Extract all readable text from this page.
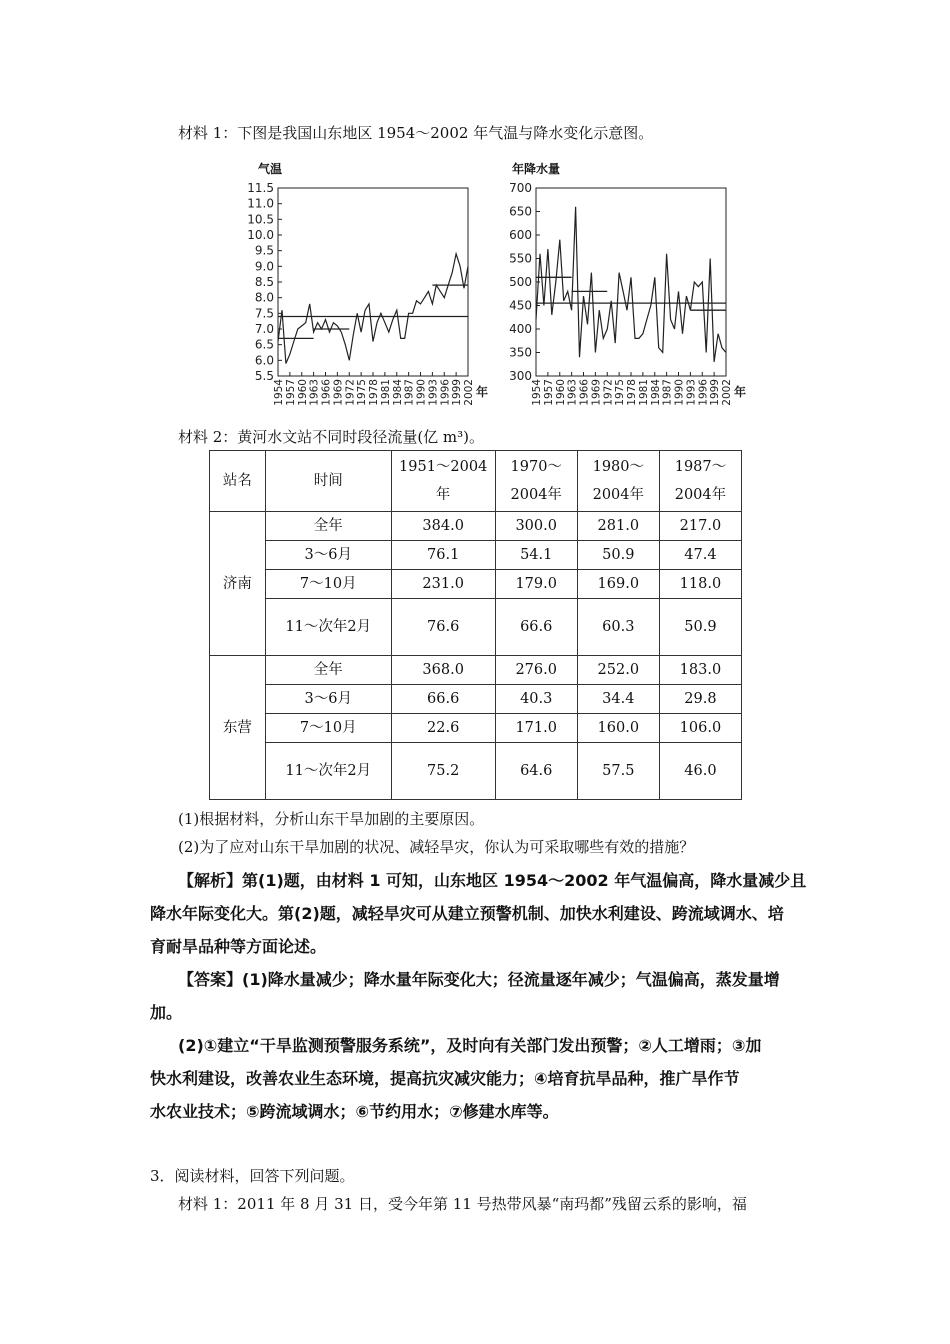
材料 1：下图是我国山东地区 1954～2002 年气温与降水变化示意图。
气温
11.5
11.0
10.5
10.0
9.5
9.0
8.5
8.0
7.5
7.0
6.5
6.0
5.5
1954 1957 1960 1963 1966 1969 1972 1975 1978 1981 1984 1987 1990 1993 1996 1999 2002 年
年降水量
700
650
600
550
500
450
400
350
300
1954 1957 1960 1963 1966 1969 1972 1975 1978 1981 1984 1987 1990 1993 1996 1999 2002 年
材料 2：黄河水文站不同时段径流量(亿 m³)。
站名	时间	1951～2004年	1970～2004年	1980～2004年	1987～2004年
济南	全年	384.0	300.0	281.0	217.0
	3～6月	76.1	54.1	50.9	47.4
	7～10月	231.0	179.0	169.0	118.0
	11～次年2月	76.6	66.6	60.3	50.9
东营	全年	368.0	276.0	252.0	183.0
	3～6月	66.6	40.3	34.4	29.8
	7～10月	22.6	171.0	160.0	106.0
	11～次年2月	75.2	64.6	57.5	46.0
(1)根据材料，分析山东干旱加剧的主要原因。
(2)为了应对山东干旱加剧的状况、减轻旱灾，你认为可采取哪些有效的措施？
【解析】第(1)题，由材料 1 可知，山东地区 1954～2002 年气温偏高，降水量减少且
降水年际变化大。第(2)题，减轻旱灾可从建立预警机制、加快水利建设、跨流域调水、培
育耐旱品种等方面论述。
【答案】(1)降水量减少；降水量年际变化大；径流量逐年减少；气温偏高，蒸发量增
加。
(2)①建立“干旱监测预警服务系统”，及时向有关部门发出预警；②人工增雨；③加
快水利建设，改善农业生态环境，提高抗灾减灾能力；④培育抗旱品种，推广旱作节
水农业技术；⑤跨流域调水；⑥节约用水；⑦修建水库等。
3．阅读材料，回答下列问题。
材料 1：2011 年 8 月 31 日，受今年第 11 号热带风暴“南玛都”残留云系的影响，福
